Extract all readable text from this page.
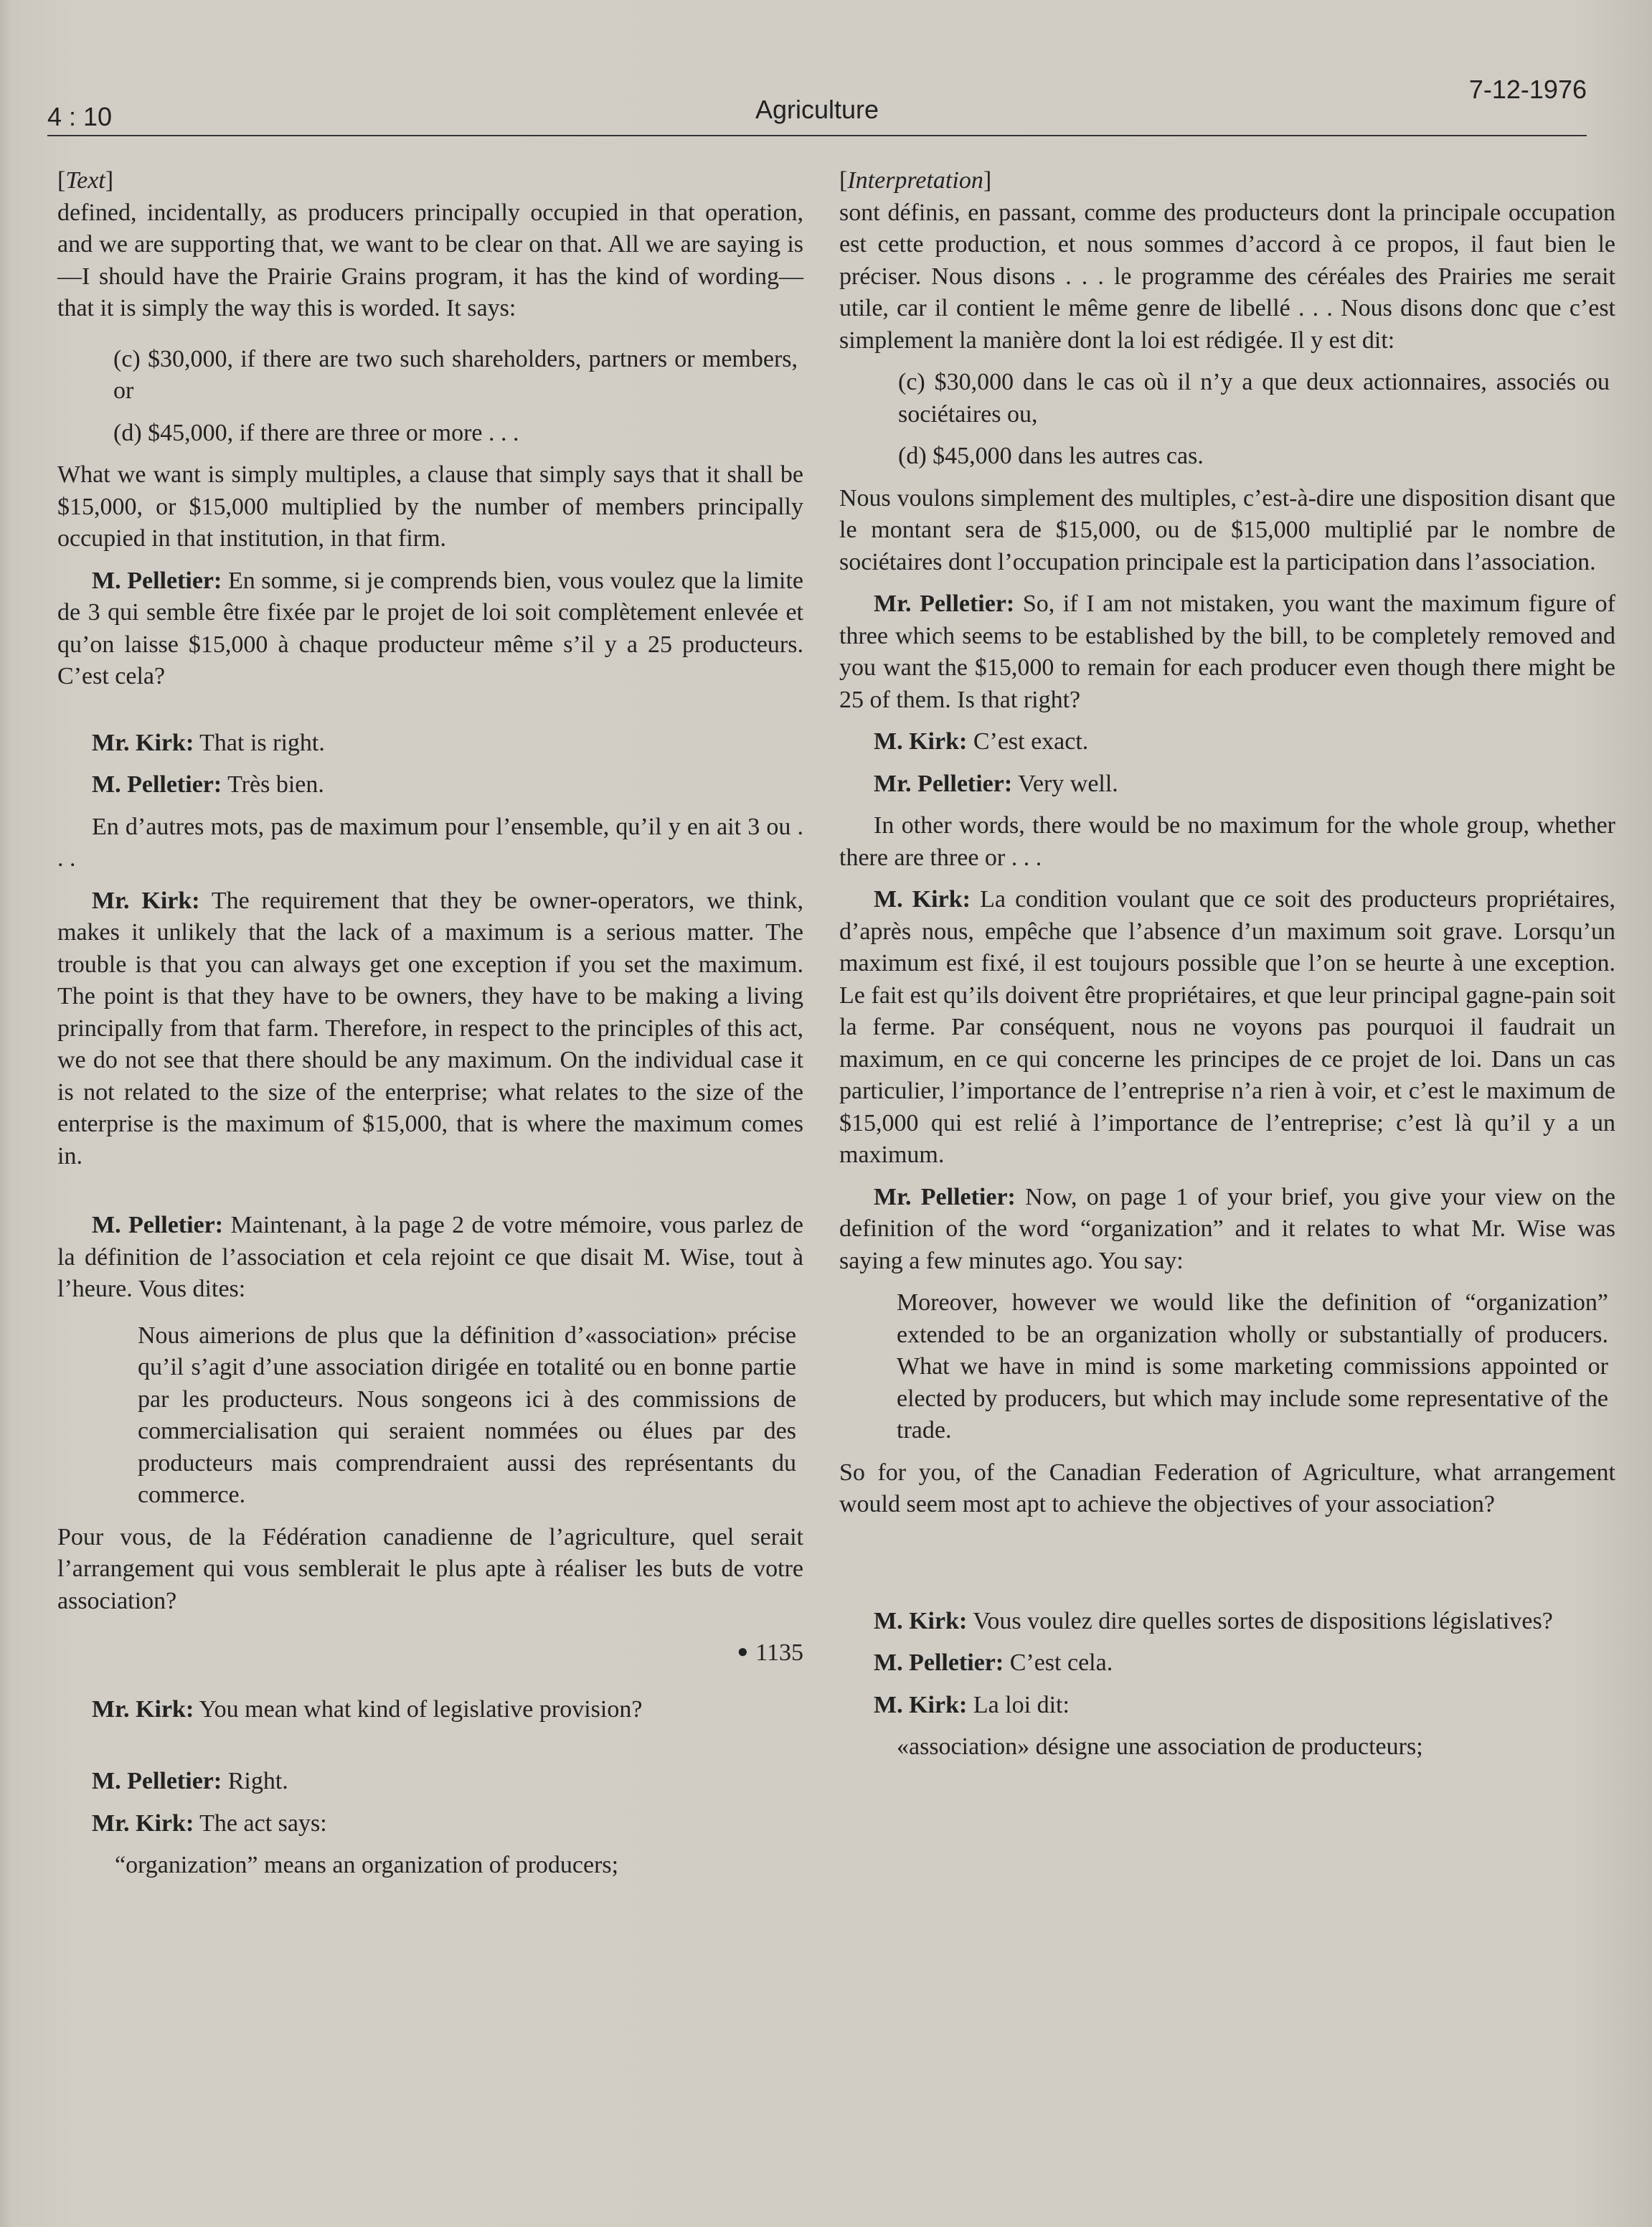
4 : 10	Agriculture
7-12-1976

[Text]

defined, incidentally, as producers principally occupied in that operation, and we are supporting that, we want to be clear on that. All we are saying is—I should have the Prairie Grains program, it has the kind of wording—that it is simply the way this is worded. It says:

(c) $30,000, if there are two such shareholders, partners or members, or

(d) $45,000, if there are three or more . . .

What we want is simply multiples, a clause that simply says that it shall be $15,000, or $15,000 multiplied by the number of members principally occupied in that institution, in that firm.

M. Pelletier: En somme, si je comprends bien, vous voulez que la limite de 3 qui semble être fixée par le projet de loi soit complètement enlevée et qu’on laisse $15,000 à chaque producteur même s’il y a 25 producteurs. C’est cela?

Mr. Kirk: That is right.

M. Pelletier: Très bien.

En d’autres mots, pas de maximum pour l’ensemble, qu’il y en ait 3 ou . . .

Mr. Kirk: The requirement that they be owner-operators, we think, makes it unlikely that the lack of a maximum is a serious matter. The trouble is that you can always get one exception if you set the maximum. The point is that they have to be owners, they have to be making a living principally from that farm. Therefore, in respect to the principles of this act, we do not see that there should be any maximum. On the individual case it is not related to the size of the enterprise; what relates to the size of the enterprise is the maximum of $15,000, that is where the maximum comes in.

M. Pelletier: Maintenant, à la page 2 de votre mémoire, vous parlez de la définition de l’association et cela rejoint ce que disait M. Wise, tout à l’heure. Vous dites:

Nous aimerions de plus que la définition d’«association» précise qu’il s’agit d’une association dirigée en totalité ou en bonne partie par les producteurs. Nous songeons ici à des commissions de commercialisation qui seraient nommées ou élues par des producteurs mais comprendraient aussi des représentants du commerce.

Pour vous, de la Fédération canadienne de l’agriculture, quel serait l’arrangement qui vous semblerait le plus apte à réaliser les buts de votre association?

● 1135

Mr. Kirk: You mean what kind of legislative provision?

M. Pelletier: Right.

Mr. Kirk: The act says:

“organization” means an organization of producers;

[Interpretation]

sont définis, en passant, comme des producteurs dont la principale occupation est cette production, et nous sommes d’accord à ce propos, il faut bien le préciser. Nous disons . . . le programme des céréales des Prairies me serait utile, car il contient le même genre de libellé . . . Nous disons donc que c’est simplement la manière dont la loi est rédigée. Il y est dit:

(c) $30,000 dans le cas où il n’y a que deux actionnaires, associés ou sociétaires ou,

(d) $45,000 dans les autres cas.

Nous voulons simplement des multiples, c’est-à-dire une disposition disant que le montant sera de $15,000, ou de $15,000 multiplié par le nombre de sociétaires dont l’occupation principale est la participation dans l’association.

Mr. Pelletier: So, if I am not mistaken, you want the maximum figure of three which seems to be established by the bill, to be completely removed and you want the $15,000 to remain for each producer even though there might be 25 of them. Is that right?

M. Kirk: C’est exact.

Mr. Pelletier: Very well.

In other words, there would be no maximum for the whole group, whether there are three or . . .

M. Kirk: La condition voulant que ce soit des producteurs propriétaires, d’après nous, empêche que l’absence d’un maximum soit grave. Lorsqu’un maximum est fixé, il est toujours possible que l’on se heurte à une exception. Le fait est qu’ils doivent être propriétaires, et que leur principal gagne-pain soit la ferme. Par conséquent, nous ne voyons pas pourquoi il faudrait un maximum, en ce qui concerne les principes de ce projet de loi. Dans un cas particulier, l’importance de l’entreprise n’a rien à voir, et c’est le maximum de $15,000 qui est relié à l’importance de l’entreprise; c’est là qu’il y a un maximum.

Mr. Pelletier: Now, on page 1 of your brief, you give your view on the definition of the word “organization” and it relates to what Mr. Wise was saying a few minutes ago. You say:

Moreover, however we would like the definition of “organization” extended to be an organization wholly or substantially of producers. What we have in mind is some marketing commissions appointed or elected by producers, but which may include some representative of the trade.

So for you, of the Canadian Federation of Agriculture, what arrangement would seem most apt to achieve the objectives of your association?

M. Kirk: Vous voulez dire quelles sortes de dispositions législatives?

M. Pelletier: C’est cela.

M. Kirk: La loi dit:

«association» désigne une association de producteurs;
